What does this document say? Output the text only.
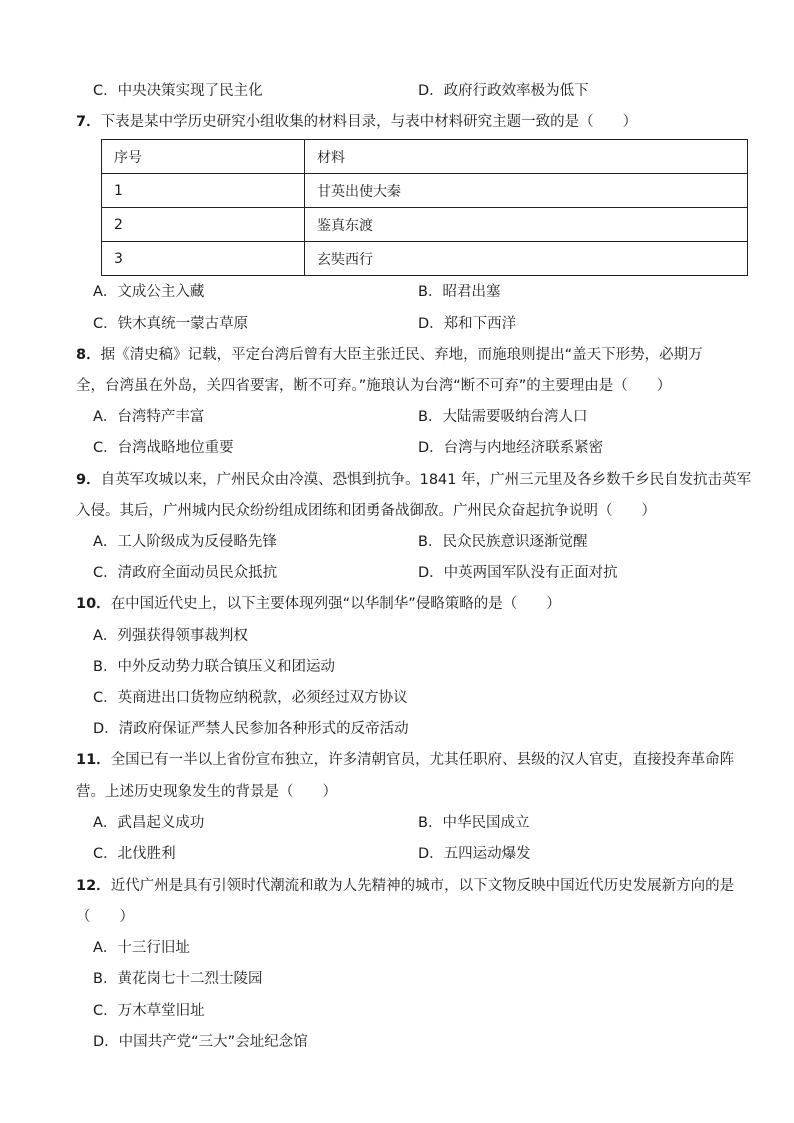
C．中央决策实现了民主化	D．政府行政效率极为低下
7．下表是某中学历史研究小组收集的材料目录，与表中材料研究主题一致的是（　　）
序号	材料
1	甘英出使大秦
2	鉴真东渡
3	玄奘西行
A．文成公主入藏	B．昭君出塞
C．铁木真统一蒙古草原	D．郑和下西洋
8．据《清史稿》记载，平定台湾后曾有大臣主张迁民、弃地，而施琅则提出“盖天下形势，必期万
全，台湾虽在外岛，关四省要害，断不可弃。”施琅认为台湾“断不可弃”的主要理由是（　　）
A．台湾特产丰富	B．大陆需要吸纳台湾人口
C．台湾战略地位重要	D．台湾与内地经济联系紧密
9．自英军攻城以来，广州民众由冷漠、恐惧到抗争。1841 年，广州三元里及各乡数千乡民自发抗击英军
入侵。其后，广州城内民众纷纷组成团练和团勇备战御敌。广州民众奋起抗争说明（　　）
A．工人阶级成为反侵略先锋	B．民众民族意识逐渐觉醒
C．清政府全面动员民众抵抗	D．中英两国军队没有正面对抗
10．在中国近代史上，以下主要体现列强“以华制华”侵略策略的是（　　）
A．列强获得领事裁判权
B．中外反动势力联合镇压义和团运动
C．英商进出口货物应纳税款，必须经过双方协议
D．清政府保证严禁人民参加各种形式的反帝活动
11．全国已有一半以上省份宣布独立，许多清朝官员，尤其任职府、县级的汉人官吏，直接投奔革命阵
营。上述历史现象发生的背景是（　　）
A．武昌起义成功	B．中华民国成立
C．北伐胜利	D．五四运动爆发
12．近代广州是具有引领时代潮流和敢为人先精神的城市，以下文物反映中国近代历史发展新方向的是
（　　）
A．十三行旧址
B．黄花岗七十二烈士陵园
C．万木草堂旧址
D．中国共产党“三大”会址纪念馆
